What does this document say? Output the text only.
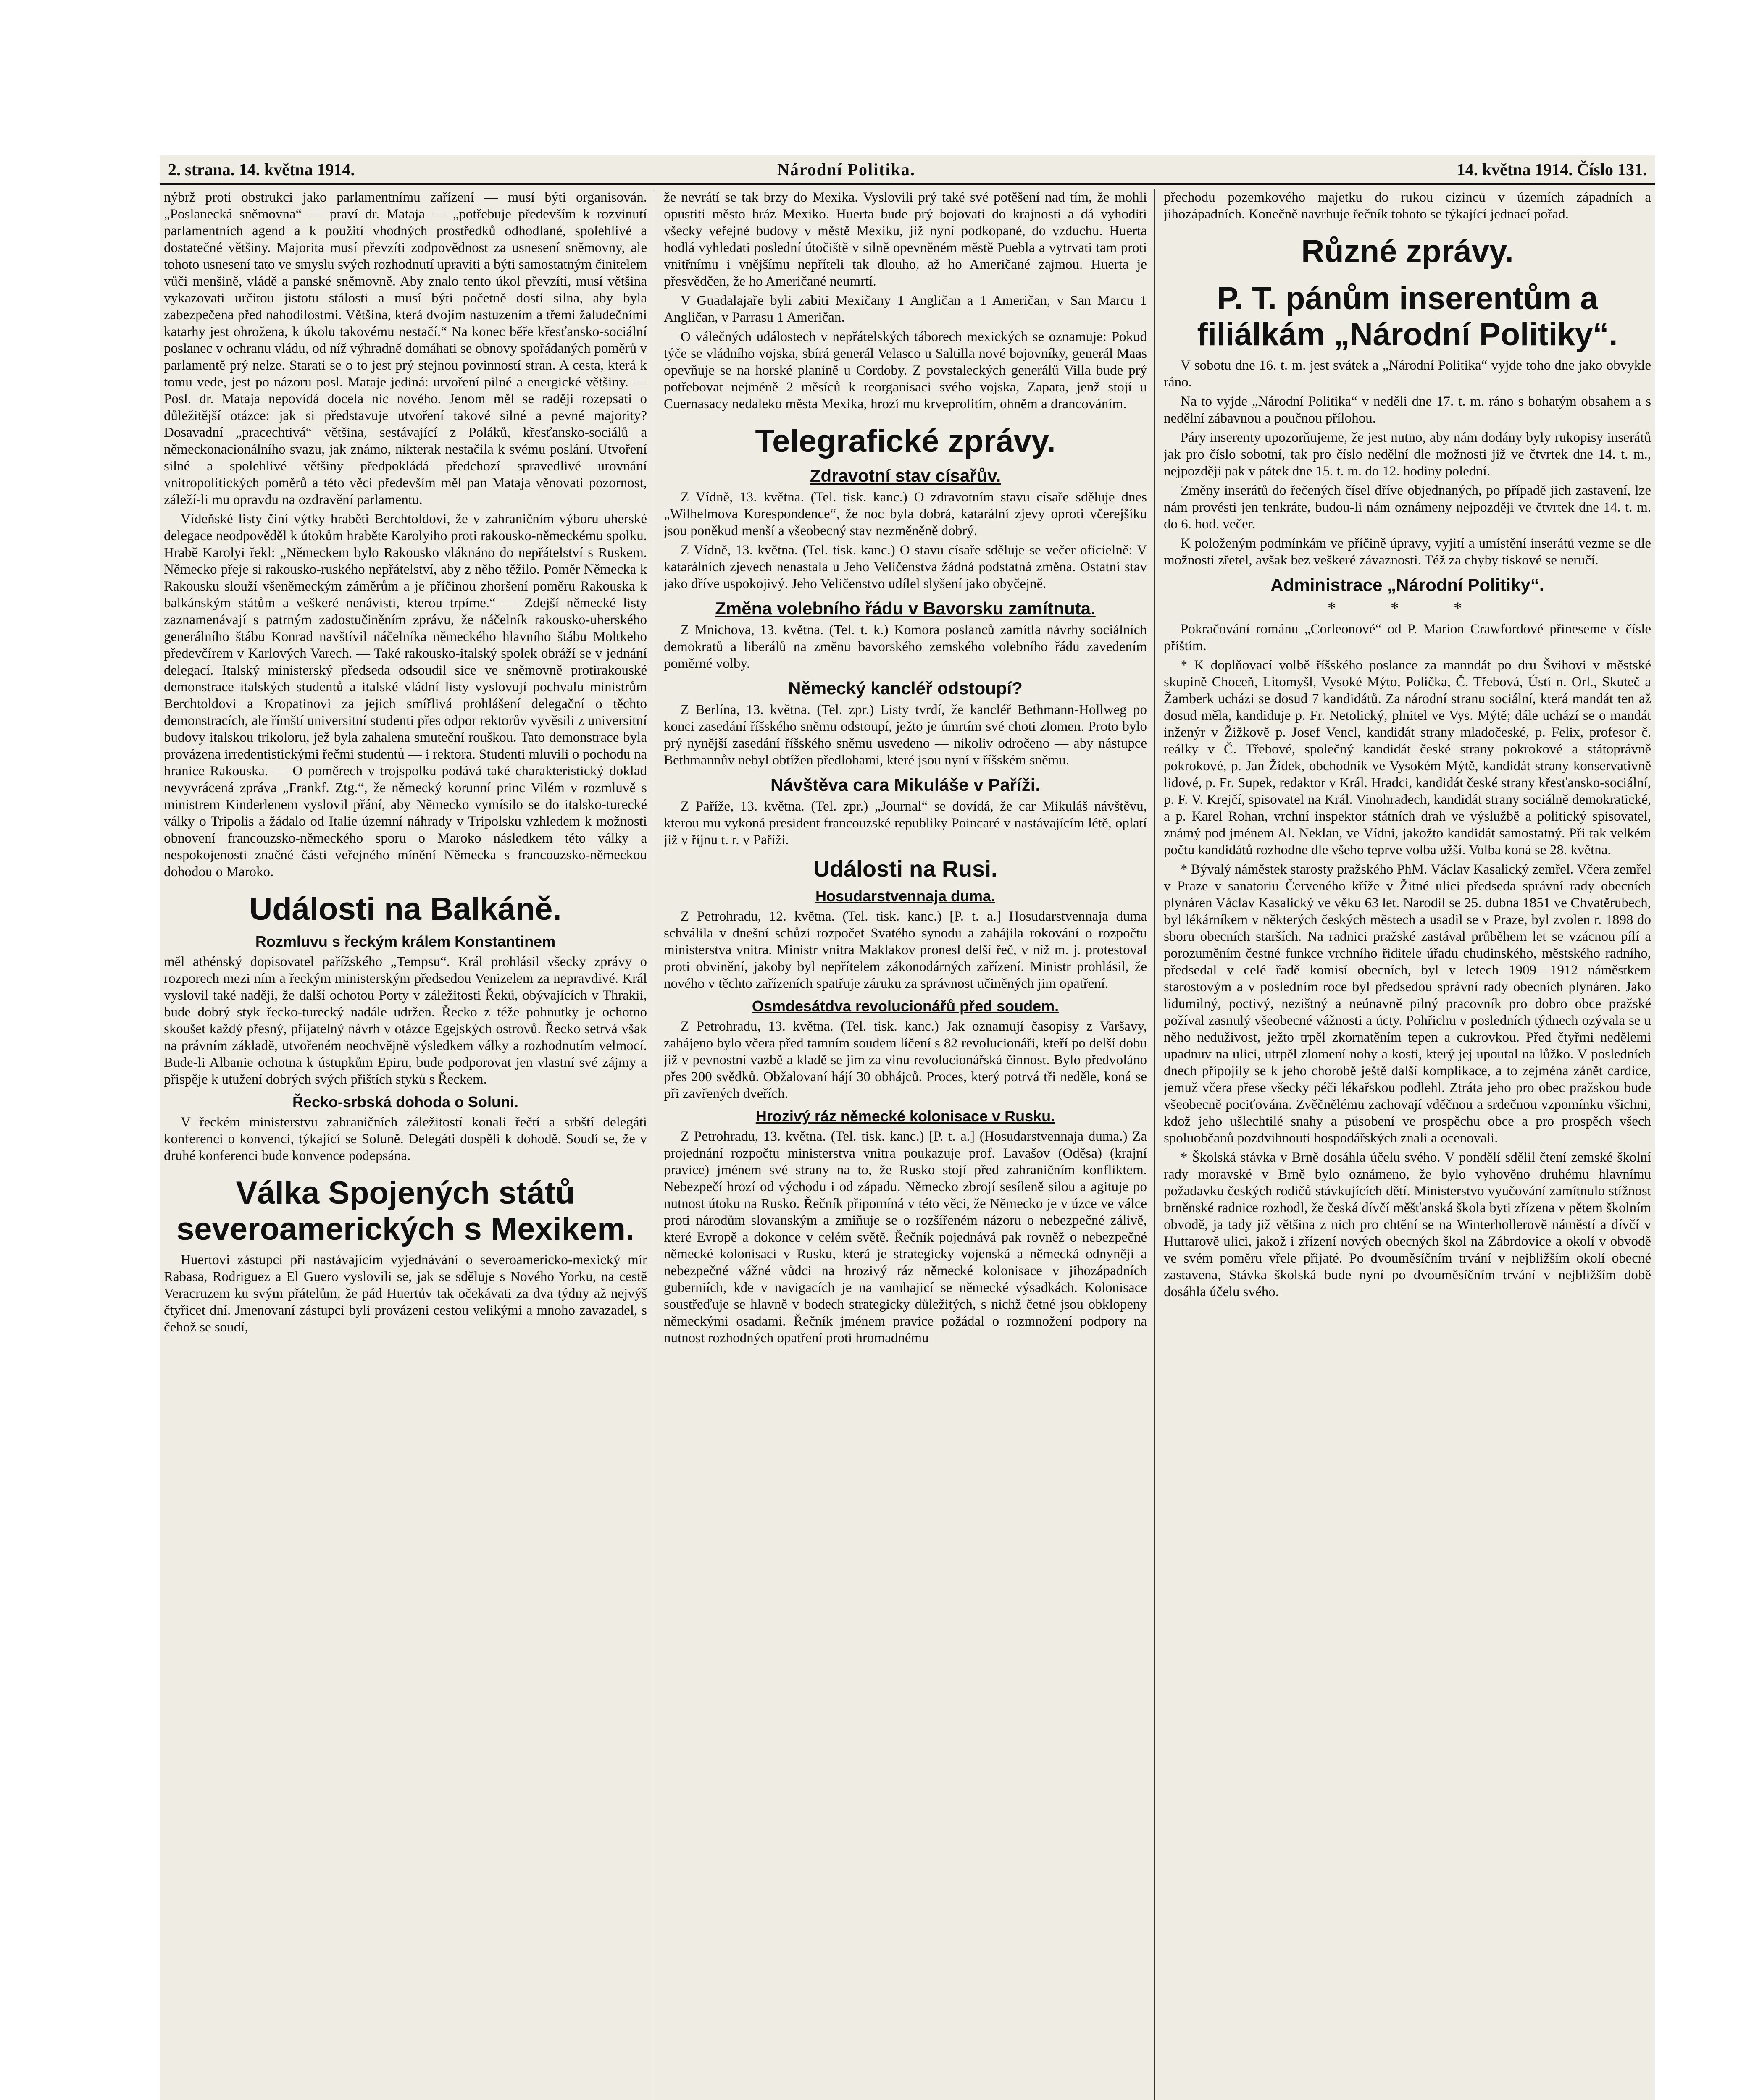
2. strana. 14. května 1914.	Národní Politika.	14. května 1914. Číslo 131.

nýbrž proti obstrukci jako parlamentnímu zařízení — musí býti organisován. „Poslanecká sněmovna“ — praví dr. Mataja — „potřebuje především k rozvinutí parlamentních agend a k použití vhodných prostředků odhodlané, spolehlivé a dostatečné většiny. Majorita musí převzíti zodpovědnost za usnesení sněmovny, ale tohoto usnesení tato ve smyslu svých rozhodnutí upraviti a býti samostatným činitelem vůči menšině, vládě a panské sněmovně. Aby znalo tento úkol převzíti, musí většina vykazovati určitou jistotu stálosti a musí býti početně dosti silna, aby byla zabezpečena před nahodilostmi. Většina, která dvojím nastuzením a třemi žaludečními katarhy jest ohrožena, k úkolu takovému nestačí.“ Na konec běře křesťansko-sociální poslanec v ochranu vládu, od níž výhradně domáhati se obnovy spořádaných poměrů v parlamentě prý nelze. Starati se o to jest prý stejnou povinností stran. A cesta, která k tomu vede, jest po názoru posl. Matajе jediná: utvoření pilné a energické většiny. — Posl. dr. Mataja nepovídá docela nic nového. Jenom měl se raději rozepsati o důležitější otázce: jak si představuje utvoření takové silné a pevné majority? Dosavadní „pracechtivá“ většina, sestávající z Poláků, křesťansko-sociálů a německonacionálního svazu, jak známo, nikterak nestačila k svému poslání. Utvoření silné a spolehlivé většiny předpokládá předchozí spravedlivé urovnání vnitropolitických poměrů a této věci především měl pan Mataja věnovati pozornost, záleží-li mu opravdu na ozdravění parlamentu.

Vídeňské listy činí výtky hraběti Berchtoldovi, že v zahraničním výboru uherské delegace neodpověděl k útokům hraběte Karolyiho proti rakousko-německému spolku. Hrabě Karolyi řekl: „Německem bylo Rakousko vláknáno do nepřátelství s Ruskem. Německo přeje si rakousko-ruského nepřátelství, aby z něho těžilo. Poměr Německa k Rakousku slouží všeněmeckým záměrům a je příčinou zhoršení poměru Rakouska k balkánským státům a veškeré nenávisti, kterou trpíme.“ — Zdejší německé listy zaznamenávají s patrným zadostučiněním zprávu, že náčelník rakousko-uherského generálního štábu Konrad navštívil náčelníka německého hlavního štábu Moltkeho předevčírem v Karlových Varech. — Také rakousko-italský spolek obráží se v jednání delegací. Italský ministerský předseda odsoudil sice ve sněmovně protirakouské demonstrace italských studentů a italské vládní listy vyslovují pochvalu ministrům Berchtoldovi a Kropatinovi za jejich smířlivá prohlášení delegační o těchto demonstracích, ale římští universitní studenti přes odpor rektorův vyvěsili z universitní budovy italskou trikoloru, jež byla zahalena smuteční rouškou. Tato demonstrace byla provázena irredentistickými řečmi studentů — i rektora. Studenti mluvili o pochodu na hranice Rakouska. — O poměrech v trojspolku podává také charakteristický doklad nevyvrácená zpráva „Frankf. Ztg.“, že německý korunní princ Vilém v rozmluvě s ministrem Kinderlenem vyslovil přání, aby Německo vymísilo se do italsko-turecké války o Tripolis a žádalo od Italie územní náhrady v Tripolsku vzhledem k možnosti obnovení francouzsko-německého sporu o Maroko následkem této války a nespokojenosti značné části veřejného mínění Německa s francouzsko-německou dohodou o Maroko.

Události na Balkáně.
Rozmluvu s řeckým králem Konstantinem

měl athénský dopisovatel pařížského „Tempsu“. Král prohlásil všecky zprávy o rozporech mezi ním a řeckým ministerským předsedou Venizelem za nepravdivé. Král vyslovil také naději, že další ochotou Porty v záležitosti Řeků, obývajících v Thrakii, bude dobrý styk řecko-turecký nadále udržen. Řecko z téže pohnutky je ochotno skoušet každý přesný, přijatelný návrh v otázce Egejských ostrovů. Řecko setrvá však na právním základě, utvořeném neochvějně výsledkem války a rozhodnutím velmocí. Bude-li Albanie ochotna k ústupkům Epiru, bude podporovat jen vlastní své zájmy a přispěje k utužení dobrých svých přištích styků s Řeckem.

Řecko-srbská dohoda o Soluni.

V řeckém ministerstvu zahraničních záležitostí konali řečtí a srbští delegáti konferenci o konvenci, týkající se Soluně. Delegáti dospěli k dohodě. Soudí se, že v druhé konferenci bude konvence podepsána.

Válka Spojených států severoamerických s Mexikem.

Huertovi zástupci při nastávajícím vyjednávání o severoamericko-mexický mír Rabasa, Rodriguez a El Guero vyslovili se, jak se sděluje s Nového Yorku, na cestě Veracruzem ku svým přátelům, že pád Huertův tak očekávati za dva týdny až nejvýš čtyřicet dní. Jmenovaní zástupci byli provázeni cestou velikými a mnoho zavazadel, s čehož se soudí,

že nevrátí se tak brzy do Mexika. Vyslovili prý také své potěšení nad tím, že mohli opustiti město hráz Mexiko. Huerta bude prý bojovati do krajnosti a dá vyhoditi všecky veřejné budovy v městě Mexiku, již nyní podkopané, do vzduchu. Huerta hodlá vyhledati poslední útočiště v silně opevněném městě Puebla a vytrvati tam proti vnitřnímu i vnějšímu nepříteli tak dlouho, až ho Američané zajmou. Huerta je přesvědčen, že ho Američané neumrtí.

V Guadalajaře byli zabiti Mexičany 1 Angličan a 1 Američan, v San Marcu 1 Angličan, v Parrasu 1 Američan.

O válečných událostech v nepřátelských táborech mexických se oznamuje: Pokud týče se vládního vojska, sbírá generál Velasco u Saltilla nové bojovníky, generál Maas opevňuje se na horské planině u Cordoby. Z povstaleckých generálů Villa bude prý potřebovat nejméně 2 měsíců k reorganisaci svého vojska, Zapata, jenž stojí u Cuernasacy nedaleko města Mexika, hrozí mu krveprolitím, ohněm a drancováním.

Telegrafické zprávy.
Zdravotní stav císařův.

Z Vídně, 13. května. (Tel. tisk. kanc.) O zdravotním stavu císaře sděluje dnes „Wilhelmova Korespondence“, že noc byla dobrá, katarální zjevy oproti včerejšíku jsou poněkud menší a všeobecný stav nezměněně dobrý.

Z Vídně, 13. května. (Tel. tisk. kanc.) O stavu císaře sděluje se večer oficielně: V katarálních zjevech nenastala u Jeho Veličenstva žádná podstatná změna. Ostatní stav jako dříve uspokojivý. Jeho Veličenstvo udílel slyšení jako obyčejně.

Změna volebního řádu v Bavorsku zamítnuta.

Z Mnichova, 13. května. (Tel. t. k.) Komora poslanců zamítla návrhy sociálních demokratů a liberálů na změnu bavorského zemského volebního řádu zavedením poměrné volby.

Německý kancléř odstoupí?

Z Berlína, 13. května. (Tel. zpr.) Listy tvrdí, že kancléř Bethmann-Hollweg po konci zasedání říšského sněmu odstoupí, ježto je úmrtím své choti zlomen. Proto bylo prý nynější zasedání říšského sněmu usvedeno — nikoliv odročeno — aby nástupce Bethmannův nebyl obtížen předlohami, které jsou nyní v říšském sněmu.

Návštěva cara Mikuláše v Paříži.

Z Paříže, 13. května. (Tel. zpr.) „Journal“ se dovídá, že car Mikuláš návštěvu, kterou mu vykoná president francouzské republiky Poincaré v nastávajícím létě, oplatí již v říjnu t. r. v Paříži.

Události na Rusi.
Hosudarstvennaja duma.

Z Petrohradu, 12. května. (Tel. tisk. kanc.) [P. t. a.] Hosudarstvennaja duma schválila v dnešní schůzi rozpočet Svatého synodu a zahájila rokování o rozpočtu ministerstva vnitra. Ministr vnitra Maklakov pronesl delší řeč, v níž m. j. protestoval proti obvinění, jakoby byl nepřítelem zákonodárných zařízení. Ministr prohlásil, že nového v těchto zařízeních spatřuje záruku za správnost učiněných jim opatření.

Osmdesátdva revolucionářů před soudem.

Z Petrohradu, 13. května. (Tel. tisk. kanc.) Jak oznamují časopisy z Varšavy, zahájeno bylo včera před tamním soudem líčení s 82 revolucionáři, kteří po delší dobu již v pevnostní vazbě a kladě se jim za vinu revolucionářská činnost. Bylo předvoláno přes 200 svědků. Obžalovaní hájí 30 obhájců. Proces, který potrvá tři neděle, koná se při zavřených dveřích.

Hrozivý ráz německé kolonisace v Rusku.

Z Petrohradu, 13. května. (Tel. tisk. kanc.) [P. t. a.] (Hosudarstvennaja duma.) Za projednání rozpočtu ministerstva vnitra poukazuje prof. Lavašov (Oděsa) (krajní pravice) jménem své strany na to, že Rusko stojí před zahraničním konfliktem. Nebezpečí hrozí od východu i od západu. Německo zbrojí sesíleně silou a agituje po nutnost útoku na Rusko. Řečník připomíná v této věci, že Německo je v úzce ve válce proti národům slovanským a zmiňuje se o rozšířeném názoru o nebezpečné zálivě, které Evropě a dokonce v celém světě. Řečník pojednává pak rovněž o nebezpečné německé kolonisaci v Rusku, která je strategicky vojenská a německá odnyněji a nebezpečné vážné vůdci na hrozivý ráz německé kolonisace v jihozápadních guberniích, kde v navigacích je na vamhajicí se německé výsadkách. Kolonisace soustřeďuje se hlavně v bodech strategicky důležitých, s nichž četné jsou obklopeny německými osadami. Řečník jménem pravice požádal o rozmnožení podpory na nutnost rozhodných opatření proti hromadnému

přechodu pozemkového majetku do rukou cizinců v územích západních a jihozápadních. Konečně navrhuje řečník tohoto se týkající jednací pořad.

Různé zprávy.
P. T. pánům inserentům a filiálkám „Národní Politiky“.

V sobotu dne 16. t. m. jest svátek a „Národní Politika“ vyjde toho dne jako obvykle ráno.

Na to vyjde „Národní Politika“ v neděli dne 17. t. m. ráno s bohatým obsahem a s nedělní zábavnou a poučnou přílohou.

Páry inserenty upozorňujeme, že jest nutno, aby nám dodány byly rukopisy inserátů jak pro číslo sobotní, tak pro číslo nedělní dle možnosti již ve čtvrtek dne 14. t. m., nejpozději pak v pátek dne 15. t. m. do 12. hodiny polední.

Změny inserátů do řečených čísel dříve objednaných, po případě jich zastavení, lze nám provésti jen tenkráte, budou-li nám oznámeny nejpozději ve čtvrtek dne 14. t. m. do 6. hod. večer.

K položeným podmínkám ve příčině úpravy, vyjití a umístění inserátů vezme se dle možnosti zřetel, avšak bez veškeré závaznosti. Též za chyby tiskové se neručí.

Administrace „Národní Politiky“.
* * *

Pokračování románu „Corleonové“ od P. Marion Crawfordové přineseme v čísle příštím.

* K doplňovací volbě říšského poslance za manndát po dru Švihovi v městské skupině Choceň, Litomyšl, Vysoké Mýto, Polička, Č. Třebová, Ústí n. Orl., Skuteč a Žamberk ucházi se dosud 7 kandidátů. Za národní stranu sociální, která mandát ten až dosud měla, kandiduje p. Fr. Netolický, plnitel ve Vys. Mýtě; dále uchází se o mandát inženýr v Žižkově p. Josef Vencl, kandidát strany mladočeské, p. Felix, profesor č. reálky v Č. Třebové, společný kandidát české strany pokrokové a státoprávně pokrokové, p. Jan Žídek, obchodník ve Vysokém Mýtě, kandidát strany konservativně lidové, p. Fr. Supek, redaktor v Král. Hradci, kandidát české strany křesťansko-sociální, p. F. V. Krejčí, spisovatel na Král. Vinohradech, kandidát strany sociálně demokratické, a p. Karel Rohan, vrchní inspektor státních drah ve výslužbě a politický spisovatel, známý pod jménem Al. Neklan, ve Vídni, jakožto kandidát samostatný. Při tak velkém počtu kandidátů rozhodne dle všeho teprve volba užší. Volba koná se 28. května.

* Bývalý náměstek starosty pražského PhM. Václav Kasalický zemřel. Včera zemřel v Praze v sanatoriu Červeného kříže v Žitné ulici předseda správní rady obecních plynáren Václav Kasalický ve věku 63 let. Narodil se 25. dubna 1851 ve Chvatěrubech, byl lékárníkem v některých českých městech a usadil se v Praze, byl zvolen r. 1898 do sboru obecních starších. Na radnici pražské zastával průběhem let se vzácnou pílí a porozuměním čestné funkce vrchního řiditele úřadu chudinského, městského radního, předsedal v celé řadě komisí obecních, byl v letech 1909—1912 náměstkem starostovým a v posledním roce byl předsedou správní rady obecních plynáren. Jako lidumilný, poctivý, nezištný a neúnavně pilný pracovník pro dobro obce pražské požíval zasnulý všeobecné vážnosti a úcty. Pohřichu v posledních týdnech ozývala se u něho neduživost, ježto trpěl zkornatěním tepen a cukrovkou. Před čtyřmi nedělemi upadnuv na ulici, utrpěl zlomení nohy a kosti, který jej upoutal na lůžko. V posledních dnech přípojily se k jeho chorobě ještě další komplikace, a to zejména zánět cardice, jemuž včera přese všecky péči lékařskou podlehl. Ztráta jeho pro obec pražskou bude všeobecně pociťována. Zvěčnělému zachovají vděčnou a srdečnou vzpomínku všichni, kdož jeho ušlechtilé snahy a působení ve prospěchu obce a pro prospěch všech spoluobčanů pozdvihnouti hospodářských znali a ocenovali.

* Školská stávka v Brně dosáhla účelu svého. V pondělí sdělil čtení zemské školní rady moravské v Brně bylo oznámeno, že bylo vyhověno druhému hlavnímu požadavku českých rodičů stávkujících dětí. Ministerstvo vyučování zamítnulo stížnost brněnské radnice rozhodl, že česká dívčí měšťanská škola byti zřízena v pětem školním obvodě, ja tady již většina z nich pro chtění se na Winterhollerově náměstí a dívčí v Huttarově ulici, jakož i zřízení nových obecných škol na Zábrdovice a okolí v obvodě ve svém poměru vřele přijaté. Po dvouměsíčním trvání v nejbližším okolí obecné zastavena, Stávka školská bude nyní po dvouměsíčním trvání v nejbližším době dosáhla účelu svého.
